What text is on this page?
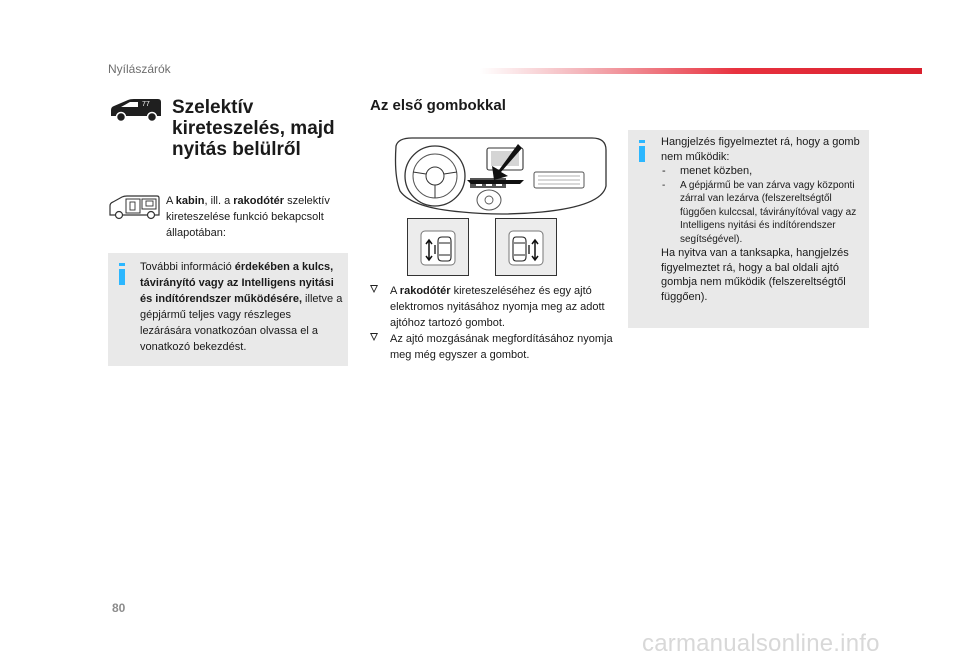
Nyílászárók
77 Szelektív
kireteszelés, majd
nyitás belülről
Az első gombokkal
A kabin, ill. a rakodótér szelektív kireteszelése funkció bekapcsolt állapotában:
További információ érdekében a kulcs, távirányító vagy az Intelligens nyitási és indítórendszer működésére, illetve a gépjármű teljes vagy részleges lezárására vonatkozóan olvassa el a vonatkozó bekezdést.
A rakodótér kireteszeléséhez és egy ajtó elektromos nyitásához nyomja meg az adott ajtóhoz tartozó gombot.
Az ajtó mozgásának megfordításához nyomja meg még egyszer a gombot.
Hangjelzés figyelmeztet rá, hogy a gomb nem működik:
- menet közben,
- A gépjármű be van zárva vagy központi zárral van lezárva (felszereltségtől függően kulccsal, távirányítóval vagy az Intelligens nyitási és indítórendszer segítségével).
Ha nyitva van a tanksapka, hangjelzés figyelmeztet rá, hogy a bal oldali ajtó gombja nem működik (felszereltségtől függően).
80
carmanualsonline.info
